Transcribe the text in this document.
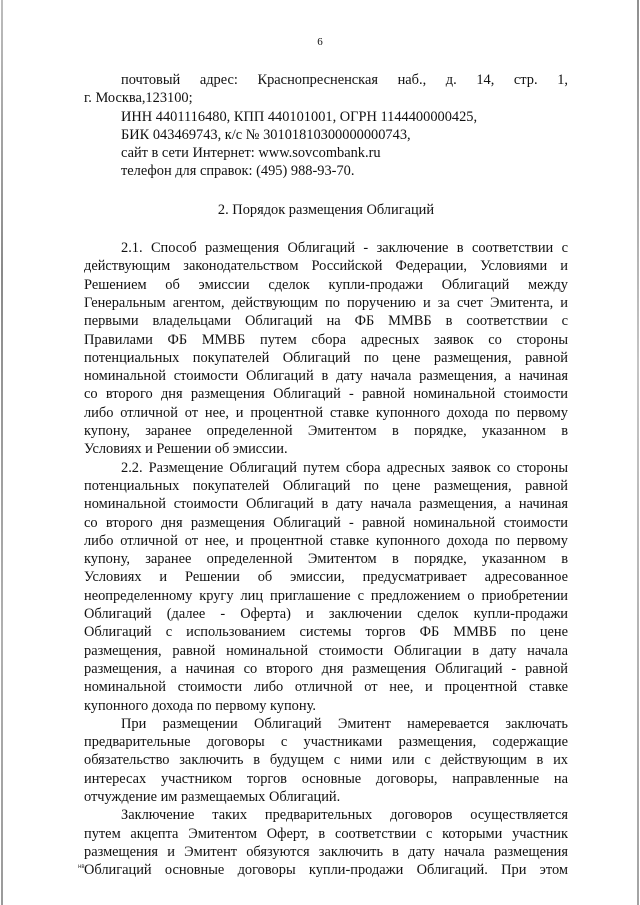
6

почтовый адрес: Краснопресненская наб., д. 14, стр. 1,

г. Москва,123100;

ИНН 4401116480, КПП 440101001, ОГРН 1144400000425,

БИК 043469743, к/с № 30101810300000000743,

сайт в сети Интернет: www.sovcombank.ru

телефон для справок: (495) 988-93-70.

2. Порядок размещения Облигаций

2.1. Способ размещения Облигаций - заключение в соответствии с

действующим законодательством Российской Федерации, Условиями и

Решением об эмиссии сделок купли-продажи Облигаций между

Генеральным агентом, действующим по поручению и за счет Эмитента, и

первыми владельцами Облигаций на ФБ ММВБ в соответствии с

Правилами ФБ ММВБ путем сбора адресных заявок со стороны

потенциальных покупателей Облигаций по цене размещения, равной

номинальной стоимости Облигаций в дату начала размещения, а начиная

со второго дня размещения Облигаций - равной номинальной стоимости

либо отличной от нее, и процентной ставке купонного дохода по первому

купону, заранее определенной Эмитентом в порядке, указанном в

Условиях и Решении об эмиссии.

2.2. Размещение Облигаций путем сбора адресных заявок со стороны

потенциальных покупателей Облигаций по цене размещения, равной

номинальной стоимости Облигаций в дату начала размещения, а начиная

со второго дня размещения Облигаций - равной номинальной стоимости

либо отличной от нее, и процентной ставке купонного дохода по первому

купону, заранее определенной Эмитентом в порядке, указанном в

Условиях и Решении об эмиссии, предусматривает адресованное

неопределенному кругу лиц приглашение с предложением о приобретении

Облигаций (далее - Оферта) и заключении сделок купли-продажи

Облигаций с использованием системы торгов ФБ ММВБ по цене

размещения, равной номинальной стоимости Облигации в дату начала

размещения, а начиная со второго дня размещения Облигаций - равной

номинальной стоимости либо отличной от нее, и процентной ставке

купонного дохода по первому купону.

При размещении Облигаций Эмитент намеревается заключать

предварительные договоры с участниками размещения, содержащие

обязательство заключить в будущем с ними или с действующим в их

интересах участником торгов основные договоры, направленные на

отчуждение им размещаемых Облигаций.

Заключение таких предварительных договоров осуществляется

путем акцепта Эмитентом Оферт, в соответствии с которыми участник

размещения и Эмитент обязуются заключить в дату начала размещения

Облигаций основные договоры купли-продажи Облигаций. При этом

нв
